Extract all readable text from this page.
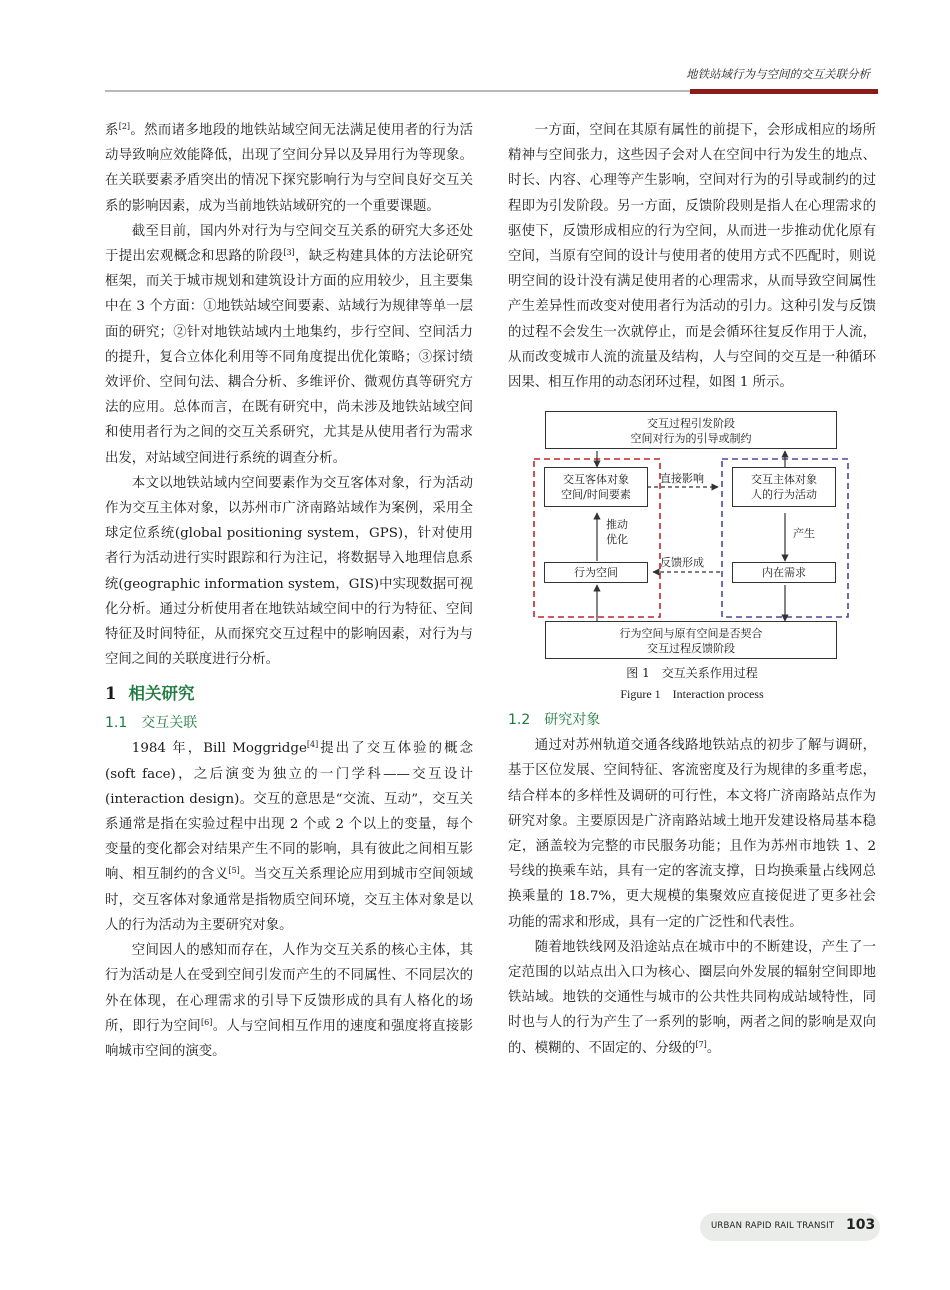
地铁站域行为与空间的交互关联分析

系[2]。然而诸多地段的地铁站域空间无法满足使用者的行为活动导致响应效能降低，出现了空间分异以及异用行为等现象。在关联要素矛盾突出的情况下探究影响行为与空间良好交互关系的影响因素，成为当前地铁站域研究的一个重要课题。

截至目前，国内外对行为与空间交互关系的研究大多还处于提出宏观概念和思路的阶段[3]，缺乏构建具体的方法论研究框架，而关于城市规划和建筑设计方面的应用较少，且主要集中在 3 个方面：①地铁站域空间要素、站域行为规律等单一层面的研究；②针对地铁站域内土地集约，步行空间、空间活力的提升，复合立体化利用等不同角度提出优化策略；③探讨绩效评价、空间句法、耦合分析、多维评价、微观仿真等研究方法的应用。总体而言，在既有研究中，尚未涉及地铁站域空间和使用者行为之间的交互关系研究，尤其是从使用者行为需求出发，对站域空间进行系统的调查分析。

本文以地铁站域内空间要素作为交互客体对象，行为活动作为交互主体对象，以苏州市广济南路站域作为案例，采用全球定位系统(global positioning system，GPS)，针对使用者行为活动进行实时跟踪和行为注记，将数据导入地理信息系统(geographic information system，GIS)中实现数据可视化分析。通过分析使用者在地铁站域空间中的行为特征、空间特征及时间特征，从而探究交互过程中的影响因素，对行为与空间之间的关联度进行分析。

1 相关研究
1.1 交互关联

1984 年，Bill Moggridge[4]提出了交互体验的概念(soft face)，之后演变为独立的一门学科——交互设计(interaction design)。交互的意思是“交流、互动”，交互关系通常是指在实验过程中出现 2 个或 2 个以上的变量，每个变量的变化都会对结果产生不同的影响，具有彼此之间相互影响、相互制约的含义[5]。当交互关系理论应用到城市空间领域时，交互客体对象通常是指物质空间环境，交互主体对象是以人的行为活动为主要研究对象。

空间因人的感知而存在，人作为交互关系的核心主体，其行为活动是人在受到空间引发而产生的不同属性、不同层次的外在体现，在心理需求的引导下反馈形成的具有人格化的场所，即行为空间[6]。人与空间相互作用的速度和强度将直接影响城市空间的演变。

一方面，空间在其原有属性的前提下，会形成相应的场所精神与空间张力，这些因子会对人在空间中行为发生的地点、时长、内容、心理等产生影响，空间对行为的引导或制约的过程即为引发阶段。另一方面，反馈阶段则是指人在心理需求的驱使下，反馈形成相应的行为空间，从而进一步推动优化原有空间，当原有空间的设计与使用者的使用方式不匹配时，则说明空间的设计没有满足使用者的心理需求，从而导致空间属性产生差异性而改变对使用者行为活动的引力。这种引发与反馈的过程不会发生一次就停止，而是会循环往复反作用于人流，从而改变城市人流的流量及结构，人与空间的交互是一种循环因果、相互作用的动态闭环过程，如图 1 所示。

交互过程引发阶段
空间对行为的引导或制约
交互客体对象
空间/时间要素
交互主体对象
人的行为活动
行为空间	内在需求
行为空间与原有空间是否契合
交互过程反馈阶段
直接影响
推动
优化	产生
反馈形成
图 1　交互关系作用过程
Figure 1　Interaction process
1.2 研究对象

通过对苏州轨道交通各线路地铁站点的初步了解与调研，基于区位发展、空间特征、客流密度及行为规律的多重考虑，结合样本的多样性及调研的可行性，本文将广济南路站点作为研究对象。主要原因是广济南路站域土地开发建设格局基本稳定，涵盖较为完整的市民服务功能；且作为苏州市地铁 1、2 号线的换乘车站，具有一定的客流支撑，日均换乘量占线网总换乘量的 18.7%，更大规模的集聚效应直接促进了更多社会功能的需求和形成，具有一定的广泛性和代表性。

随着地铁线网及沿途站点在城市中的不断建设，产生了一定范围的以站点出入口为核心、圈层向外发展的辐射空间即地铁站域。地铁的交通性与城市的公共性共同构成站域特性，同时也与人的行为产生了一系列的影响，两者之间的影响是双向的、模糊的、不固定的、分级的[7]。

URBAN RAPID RAIL TRANSIT 103
